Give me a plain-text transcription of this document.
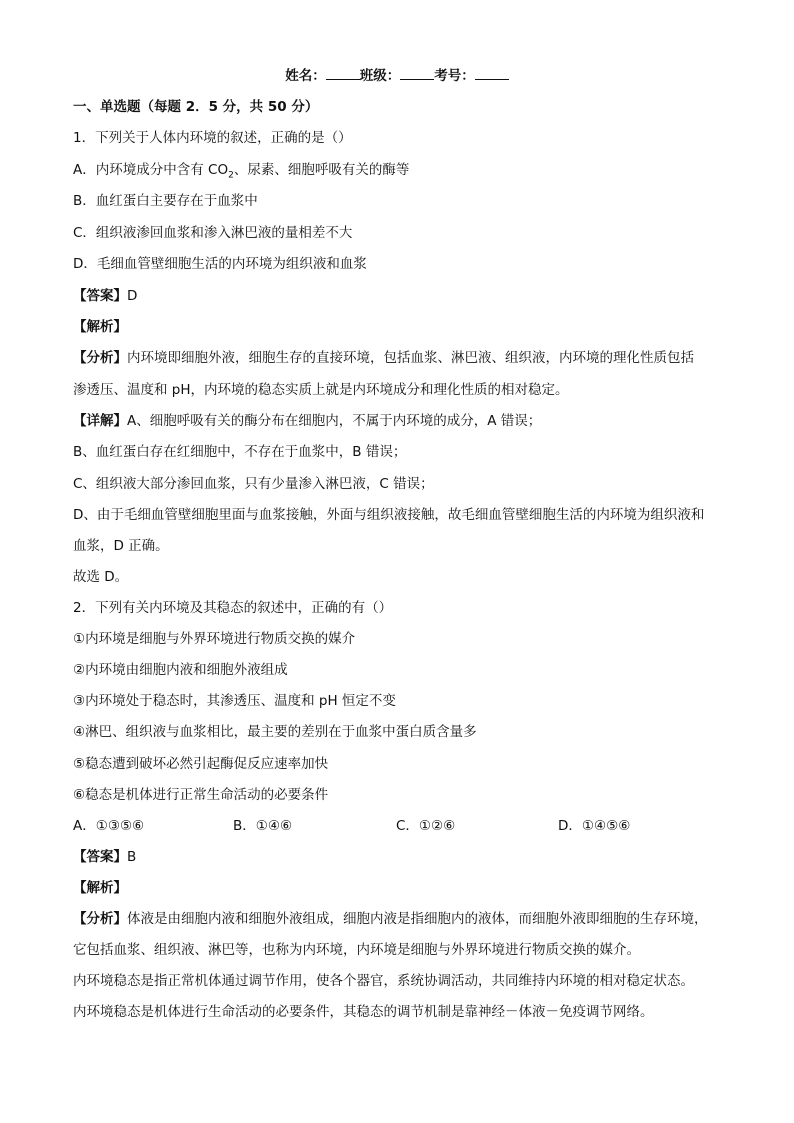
姓名：	班级：	考号：
一、单选题（每题 2．5 分，共 50 分）
1．下列关于人体内环境的叙述，正确的是（）
A．内环境成分中含有 $CO_2$、尿素、细胞呼吸有关的酶等
B．血红蛋白主要存在于血浆中
C．组织液渗回血浆和渗入淋巴液的量相差不大
D．毛细血管壁细胞生活的内环境为组织液和血浆
【答案】D
【解析】
【分析】内环境即细胞外液，细胞生存的直接环境，包括血浆、淋巴液、组织液，内环境的理化性质包括
渗透压、温度和 pH，内环境的稳态实质上就是内环境成分和理化性质的相对稳定。
【详解】A、细胞呼吸有关的酶分布在细胞内，不属于内环境的成分，A 错误；
B、血红蛋白存在红细胞中，不存在于血浆中，B 错误；
C、组织液大部分渗回血浆，只有少量渗入淋巴液，C 错误；
D、由于毛细血管壁细胞里面与血浆接触，外面与组织液接触，故毛细血管壁细胞生活的内环境为组织液和
血浆，D 正确。
故选 D。
2．下列有关内环境及其稳态的叙述中，正确的有（）
①内环境是细胞与外界环境进行物质交换的媒介
②内环境由细胞内液和细胞外液组成
③内环境处于稳态时，其渗透压、温度和 pH 恒定不变
④淋巴、组织液与血浆相比，最主要的差别在于血浆中蛋白质含量多
⑤稳态遭到破坏必然引起酶促反应速率加快
⑥稳态是机体进行正常生命活动的必要条件
A．①③⑤⑥	B．①④⑥	C．①②⑥	D．①④⑤⑥
【答案】B
【解析】
【分析】体液是由细胞内液和细胞外液组成，细胞内液是指细胞内的液体，而细胞外液即细胞的生存环境，
它包括血浆、组织液、淋巴等，也称为内环境，内环境是细胞与外界环境进行物质交换的媒介。
内环境稳态是指正常机体通过调节作用，使各个器官，系统协调活动，共同维持内环境的相对稳定状态。
内环境稳态是机体进行生命活动的必要条件，其稳态的调节机制是靠神经－体液－免疫调节网络。
